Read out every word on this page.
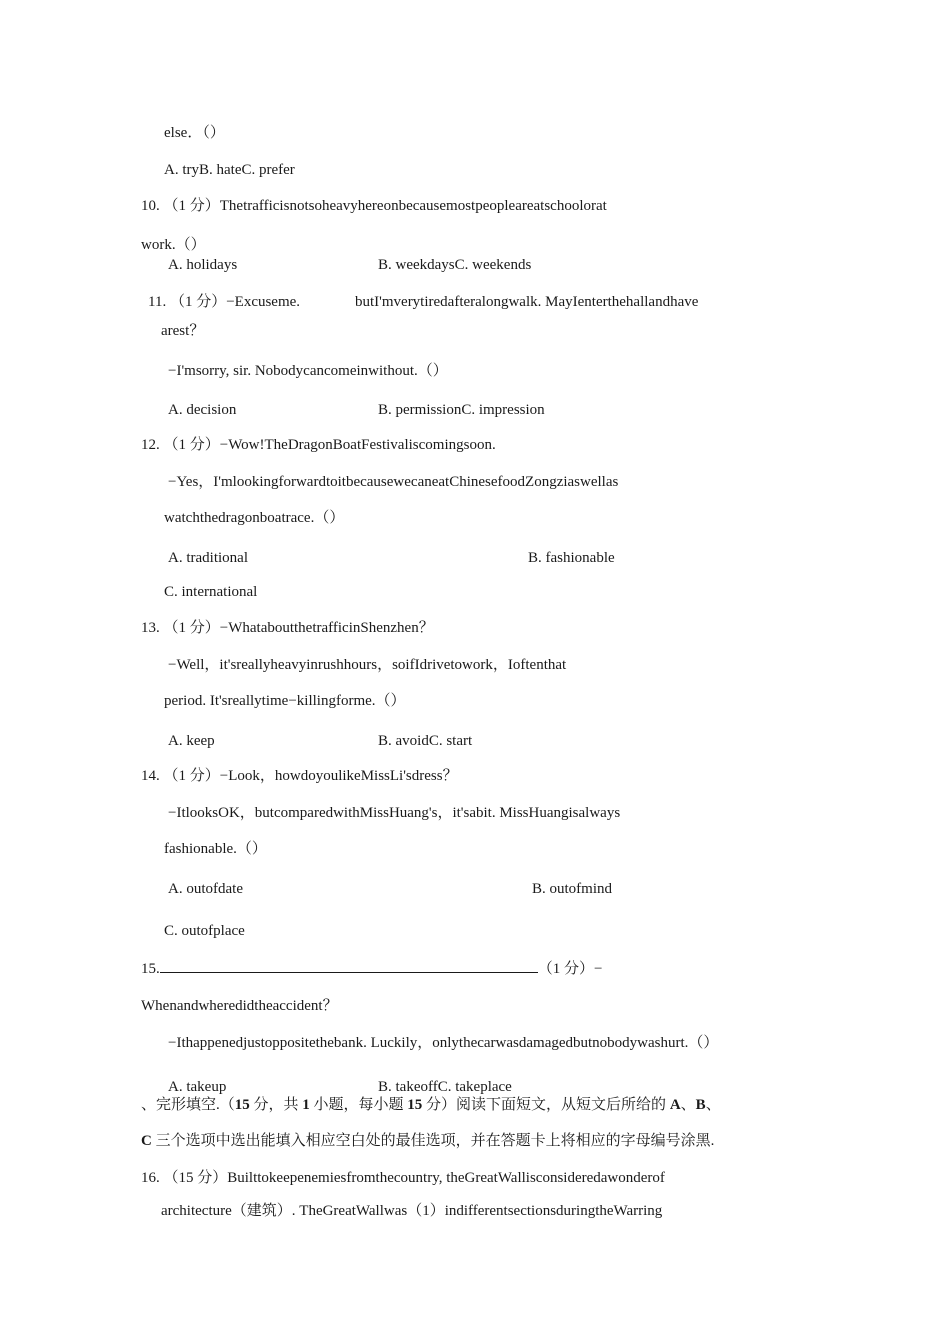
else．（）
A. tryB. hateC. prefer
10. （1 分）Thetrafficisnotsoheavyhereonbecausemostpeopleareatschoolorat
work.（）
A. holidays	B. weekdaysC. weekends
11. （1 分）−Excuseme.	butI'mverytiredafteralongwalk. MayIenterthehallandhave
arest？
−I'msorry, sir. Nobodycancomeinwithout.（）
A. decision	B. permissionC. impression
12. （1 分）−Wow!TheDragonBoatFestivaliscomingsoon.
−Yes，I'mlookingforwardtoitbecausewecaneatChinesefoodZongziaswellas
watchthedragonboatrace.（）
A. traditional	B. fashionable
C. international
13. （1 分）−WhataboutthetrafficinShenzhen？
−Well，it'sreallyheavyinrushhours，soifIdrivetowork，Ioftenthat
period. It'sreallytime−killingforme.（）
A. keep	B. avoidC. start
14. （1 分）−Look，howdoyoulikeMissLi'sdress？
−ItlooksOK，butcomparedwithMissHuang's，it'sabit. MissHuangisalways
fashionable.（）
A. outofdate	B. outofmind
C. outofplace
15.	（1 分）−
Whenandwheredidtheaccident？
−Ithappenedjustoppositethebank. Luckily，onlythecarwasdamagedbutnobodywashurt.（）
A. takeup	B. takeoffC. takeplace
、完形填空.（15 分，共 1 小题，每小题 15 分）阅读下面短文，从短文后所给的 A、B、
C 三个选项中选出能填入相应空白处的最佳选项，并在答题卡上将相应的字母编号涂黑.
16. （15 分）Builttokeepenemiesfromthecountry, theGreatWallisconsideredawonderof
architecture（建筑）. TheGreatWallwas（1）indifferentsectionsduringtheWarring
